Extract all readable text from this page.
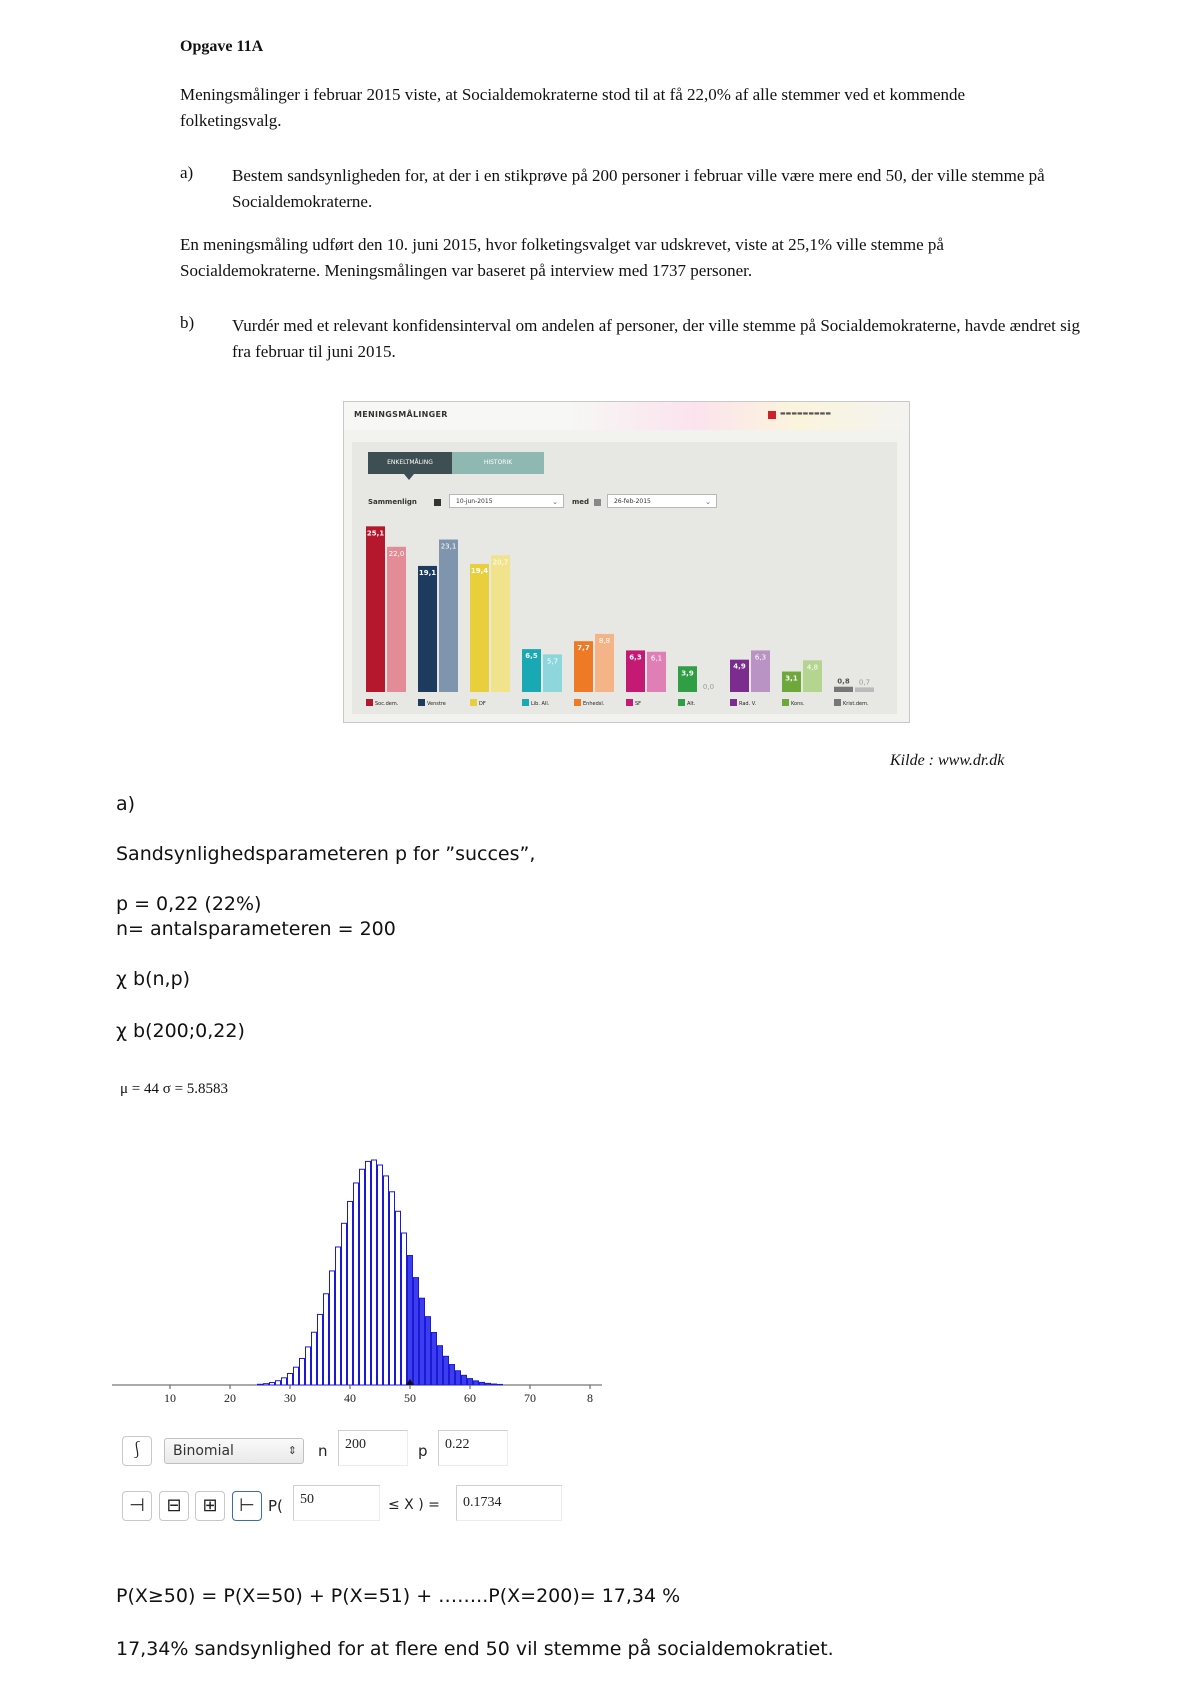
Opgave 11A
Meningsmålinger i februar 2015 viste, at Socialdemokraterne stod til at få 22,0% af alle stemmer ved et kommende folketingsvalg.
a) Bestem sandsynligheden for, at der i en stikprøve på 200 personer i februar ville være mere end 50, der ville stemme på Socialdemokraterne.
En meningsmåling udført den 10. juni 2015, hvor folketingsvalget var udskrevet, viste at 25,1% ville stemme på Socialdemokraterne. Meningsmålingen var baseret på interview med 1737 personer.
b) Vurdér med et relevant konfidensinterval om andelen af personer, der ville stemme på Socialdemokraterne, havde ændret sig fra februar til juni 2015.
MENINGSMÅLINGER	▬▬▬▬▬▬▬▬▬
ENKELTMÅLING	HISTORIK
Sammenlign	10-jun-2015	⌄ med	26-feb-2015	⌄
25,1
22,0
Soc.dem.
19,1
23,1
Venstre
19,4
20,7
DF
6,5
5,7
Lib. All.
7,7
8,8
Enhedsl.
6,3 6,1
SF
3,9
0,0
Alt.
4,9
6,3
Rad. V.
3,1
4,8
Kons.
0,8 0,7
Krist.dem.
Kilde : www.dr.dk
a)
Sandsynlighedsparameteren p for ”succes”,
p = 0,22 (22%)
n= antalsparameteren = 200
χ b(n,p)
χ b(200;0,22)
μ = 44 σ = 5.8583
10	20	30	40	50	60	70	8
⎰	Binomial	⇕ n	200	p	0.22
⊣	⊟	⊞	⊢ P(	50	≤ X ) =	0.1734
P(X≥50) = P(X=50) + P(X=51) + ……..P(X=200)= 17,34 %
17,34% sandsynlighed for at flere end 50 vil stemme på socialdemokratiet.
